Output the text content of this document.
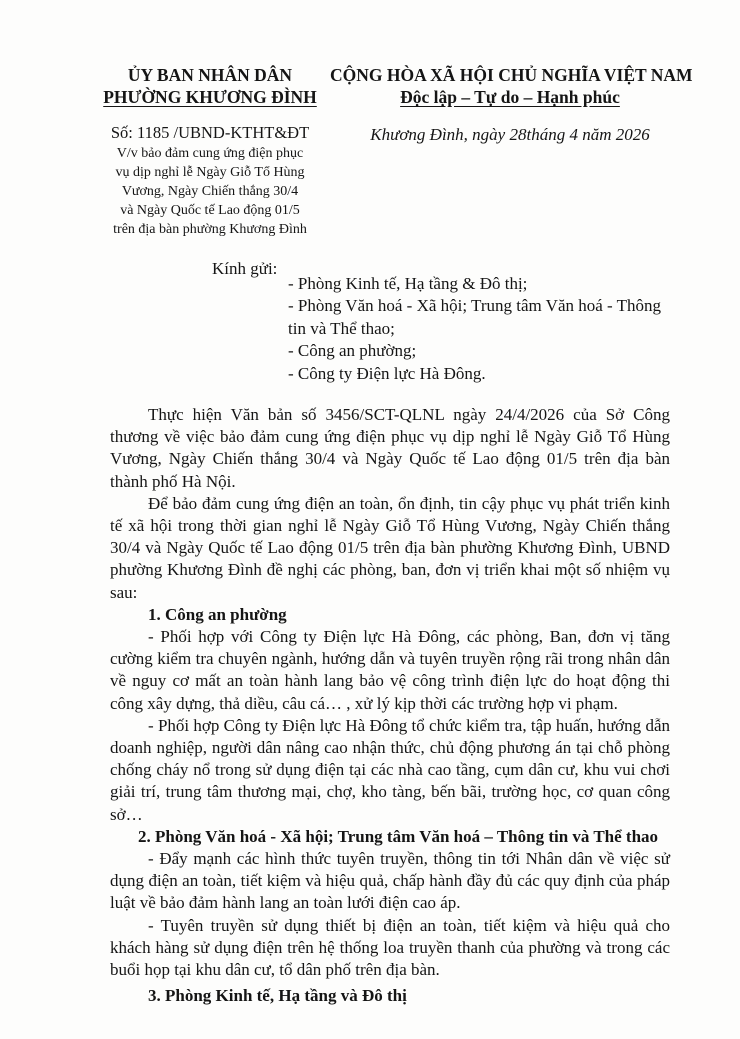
ỦY BAN NHÂN DÂN
PHƯỜNG KHƯƠNG ĐÌNH
CỘNG HÒA XÃ HỘI CHỦ NGHĨA VIỆT NAM
Độc lập – Tự do – Hạnh phúc
Số: 1185 /UBND-KTHT&ĐT
V/v bảo đảm cung ứng điện phục
vụ dịp nghỉ lễ Ngày Giỗ Tổ Hùng
Vương, Ngày Chiến thắng 30/4
và Ngày Quốc tế Lao động 01/5
trên địa bàn phường Khương Đình
Khương Đình, ngày 28tháng 4 năm 2026
Kính gửi:
- Phòng Kinh tế, Hạ tầng & Đô thị;
- Phòng Văn hoá - Xã hội; Trung tâm Văn hoá - Thông tin và Thể thao;
- Công an phường;
- Công ty Điện lực Hà Đông.

Thực hiện Văn bản số 3456/SCT-QLNL ngày 24/4/2026 của Sở Công thương về việc bảo đảm cung ứng điện phục vụ dịp nghỉ lễ Ngày Giỗ Tổ Hùng Vương, Ngày Chiến thắng 30/4 và Ngày Quốc tế Lao động 01/5 trên địa bàn thành phố Hà Nội.

Để bảo đảm cung ứng điện an toàn, ổn định, tin cậy phục vụ phát triển kinh tế xã hội trong thời gian nghỉ lễ Ngày Giỗ Tổ Hùng Vương, Ngày Chiến thắng 30/4 và Ngày Quốc tế Lao động 01/5 trên địa bàn phường Khương Đình, UBND phường Khương Đình đề nghị các phòng, ban, đơn vị triển khai một số nhiệm vụ sau:

1. Công an phường

- Phối hợp với Công ty Điện lực Hà Đông, các phòng, Ban, đơn vị tăng cường kiểm tra chuyên ngành, hướng dẫn và tuyên truyền rộng rãi trong nhân dân về nguy cơ mất an toàn hành lang bảo vệ công trình điện lực do hoạt động thi công xây dựng, thả diều, câu cá… , xử lý kịp thời các trường hợp vi phạm.

- Phối hợp Công ty Điện lực Hà Đông tổ chức kiểm tra, tập huấn, hướng dẫn doanh nghiệp, người dân nâng cao nhận thức, chủ động phương án tại chỗ phòng chống cháy nổ trong sử dụng điện tại các nhà cao tầng, cụm dân cư, khu vui chơi giải trí, trung tâm thương mại, chợ, kho tàng, bến bãi, trường học, cơ quan công sở…

2. Phòng Văn hoá - Xã hội; Trung tâm Văn hoá – Thông tin và Thể thao

- Đẩy mạnh các hình thức tuyên truyền, thông tin tới Nhân dân về việc sử dụng điện an toàn, tiết kiệm và hiệu quả, chấp hành đầy đủ các quy định của pháp luật về bảo đảm hành lang an toàn lưới điện cao áp.

- Tuyên truyền sử dụng thiết bị điện an toàn, tiết kiệm và hiệu quả cho khách hàng sử dụng điện trên hệ thống loa truyền thanh của phường và trong các buổi họp tại khu dân cư, tổ dân phố trên địa bàn.

3. Phòng Kinh tế, Hạ tầng và Đô thị
